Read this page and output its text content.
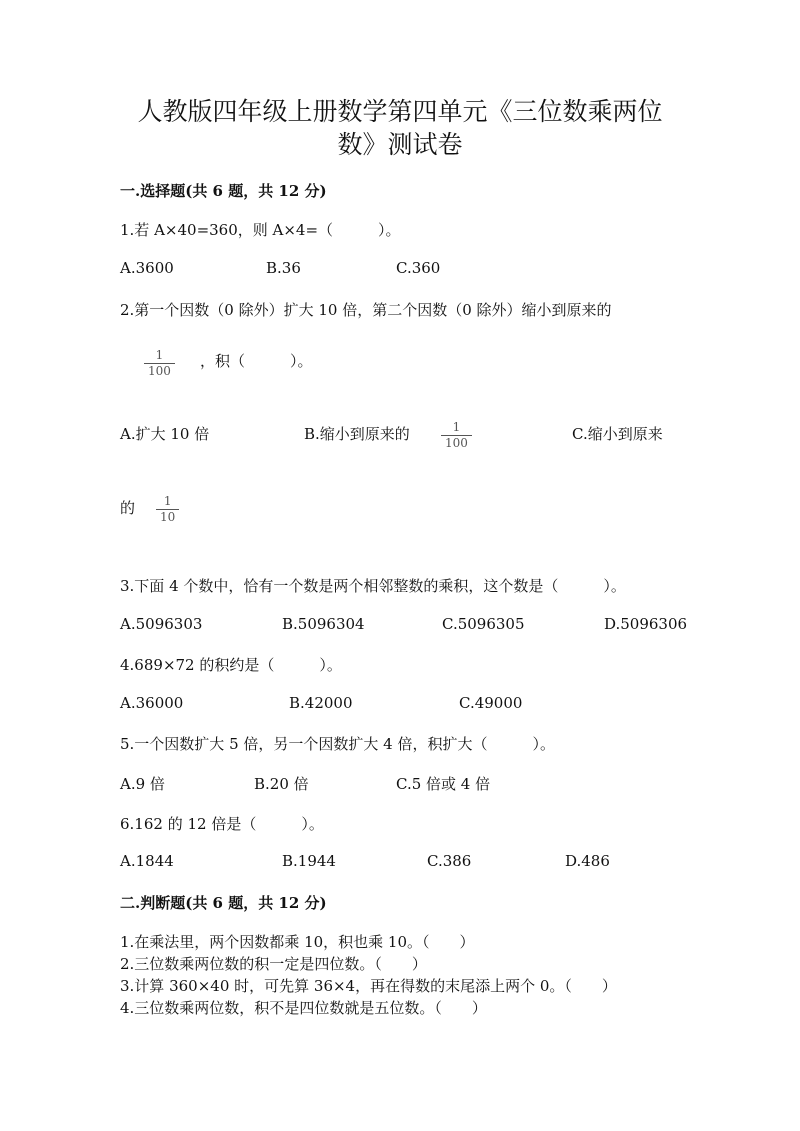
人教版四年级上册数学第四单元《三位数乘两位
数》测试卷
一.选择题(共 6 题，共 12 分)
1.若 A×40=360，则 A×4=（　　　）。
A.3600	B.36	C.360
2.第一个因数（0 除外）扩大 10 倍，第二个因数（0 除外）缩小到原来的
$\frac{1}{100}$ ，积（　　　）。
A.扩大 10 倍	B.缩小到原来的	$\frac{1}{100}$	C.缩小到原来
的 $\frac{1}{10}$
3.下面 4 个数中，恰有一个数是两个相邻整数的乘积，这个数是（　　　）。
A.5096303	B.5096304	C.5096305	D.5096306
4.689×72 的积约是（　　　）。
A.36000	B.42000	C.49000
5.一个因数扩大 5 倍，另一个因数扩大 4 倍，积扩大（　　　）。
A.9 倍	B.20 倍	C.5 倍或 4 倍
6.162 的 12 倍是（　　　）。
A.1844	B.1944	C.386	D.486
二.判断题(共 6 题，共 12 分)
1.在乘法里，两个因数都乘 10，积也乘 10。（　　）
2.三位数乘两位数的积一定是四位数。（　　）
3.计算 360×40 时，可先算 36×4，再在得数的末尾添上两个 0。（　　）
4.三位数乘两位数，积不是四位数就是五位数。（　　）
